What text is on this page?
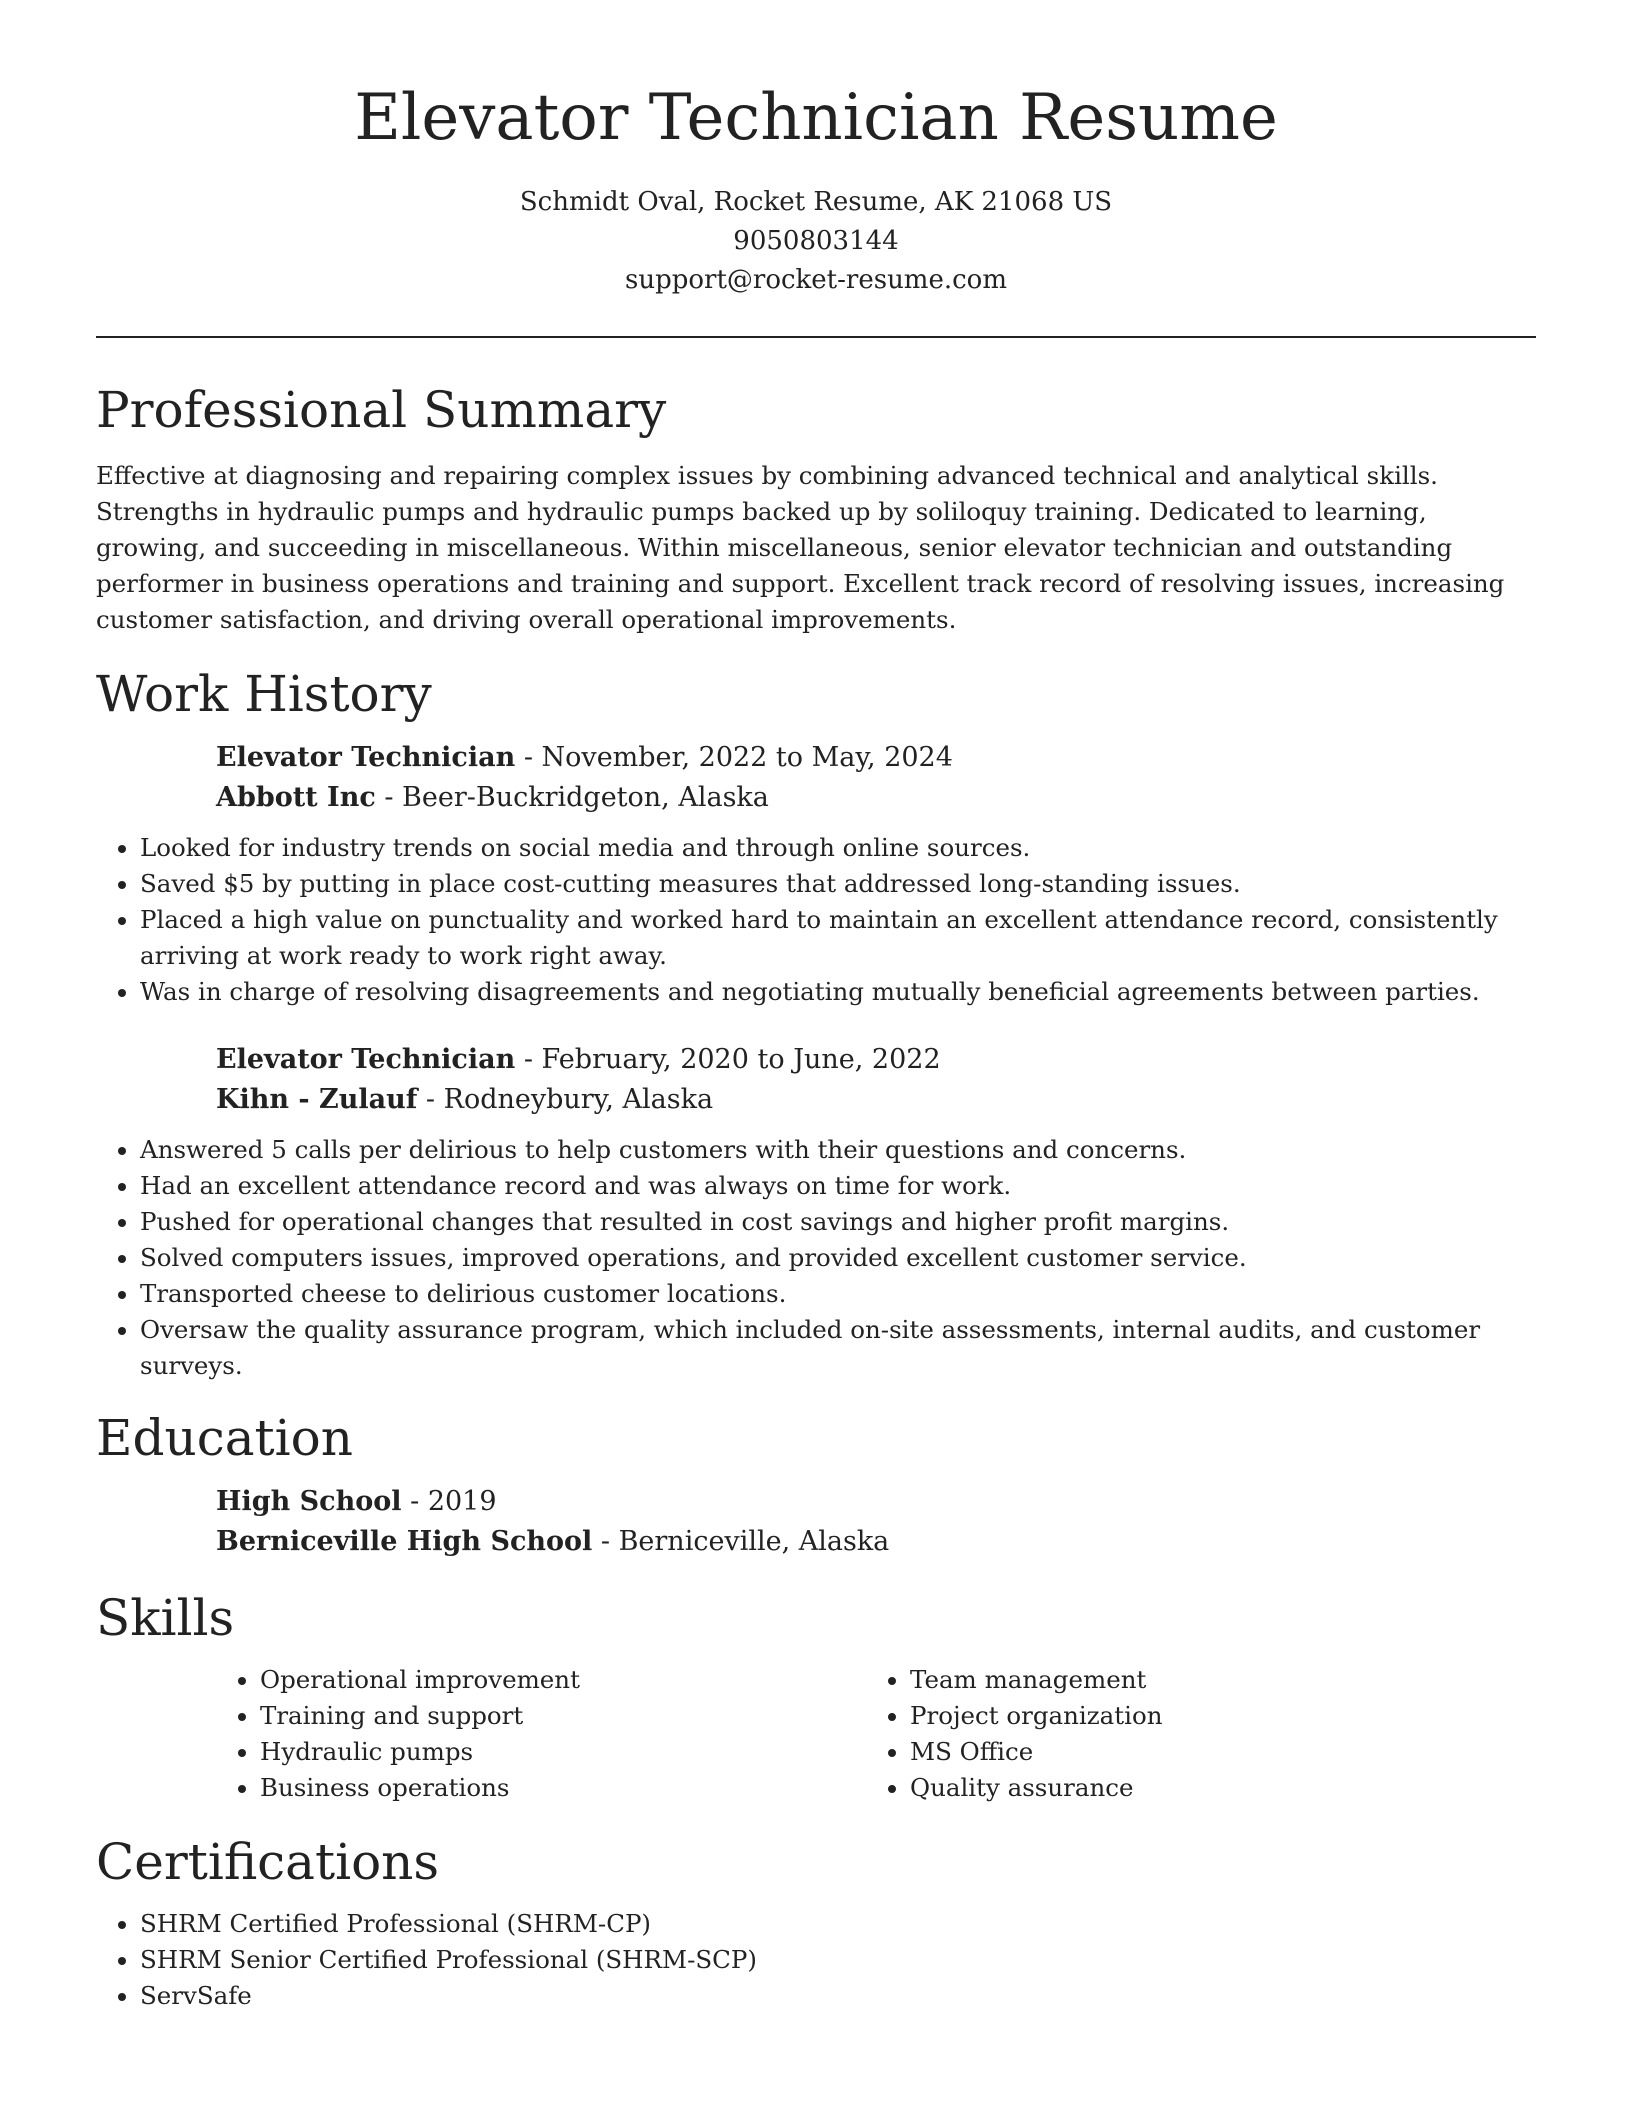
Elevator Technician Resume

Schmidt Oval, Rocket Resume, AK 21068 US

9050803144

support@rocket-resume.com

Professional Summary

Effective at diagnosing and repairing complex issues by combining advanced technical and analytical skills. Strengths in hydraulic pumps and hydraulic pumps backed up by soliloquy training. Dedicated to learning, growing, and succeeding in miscellaneous. Within miscellaneous, senior elevator technician and outstanding performer in business operations and training and support. Excellent track record of resolving issues, increasing customer satisfaction, and driving overall operational improvements.

Work History

Elevator Technician - November, 2022 to May, 2024

Abbott Inc - Beer-Buckridgeton, Alaska

• Looked for industry trends on social media and through online sources.
• Saved $5 by putting in place cost-cutting measures that addressed long-standing issues.
• Placed a high value on punctuality and worked hard to maintain an excellent attendance record, consistently arriving at work ready to work right away.
• Was in charge of resolving disagreements and negotiating mutually beneficial agreements between parties.

Elevator Technician - February, 2020 to June, 2022

Kihn - Zulauf - Rodneybury, Alaska

• Answered 5 calls per delirious to help customers with their questions and concerns.
• Had an excellent attendance record and was always on time for work.
• Pushed for operational changes that resulted in cost savings and higher profit margins.
• Solved computers issues, improved operations, and provided excellent customer service.
• Transported cheese to delirious customer locations.
• Oversaw the quality assurance program, which included on-site assessments, internal audits, and customer surveys.
Education

High School - 2019

Berniceville High School - Berniceville, Alaska

Skills
• Operational improvement
• Training and support
• Hydraulic pumps
• Business operations
• Team management
• Project organization
• MS Office
• Quality assurance
Certifications
• SHRM Certified Professional (SHRM-CP)
• SHRM Senior Certified Professional (SHRM-SCP)
• ServSafe
